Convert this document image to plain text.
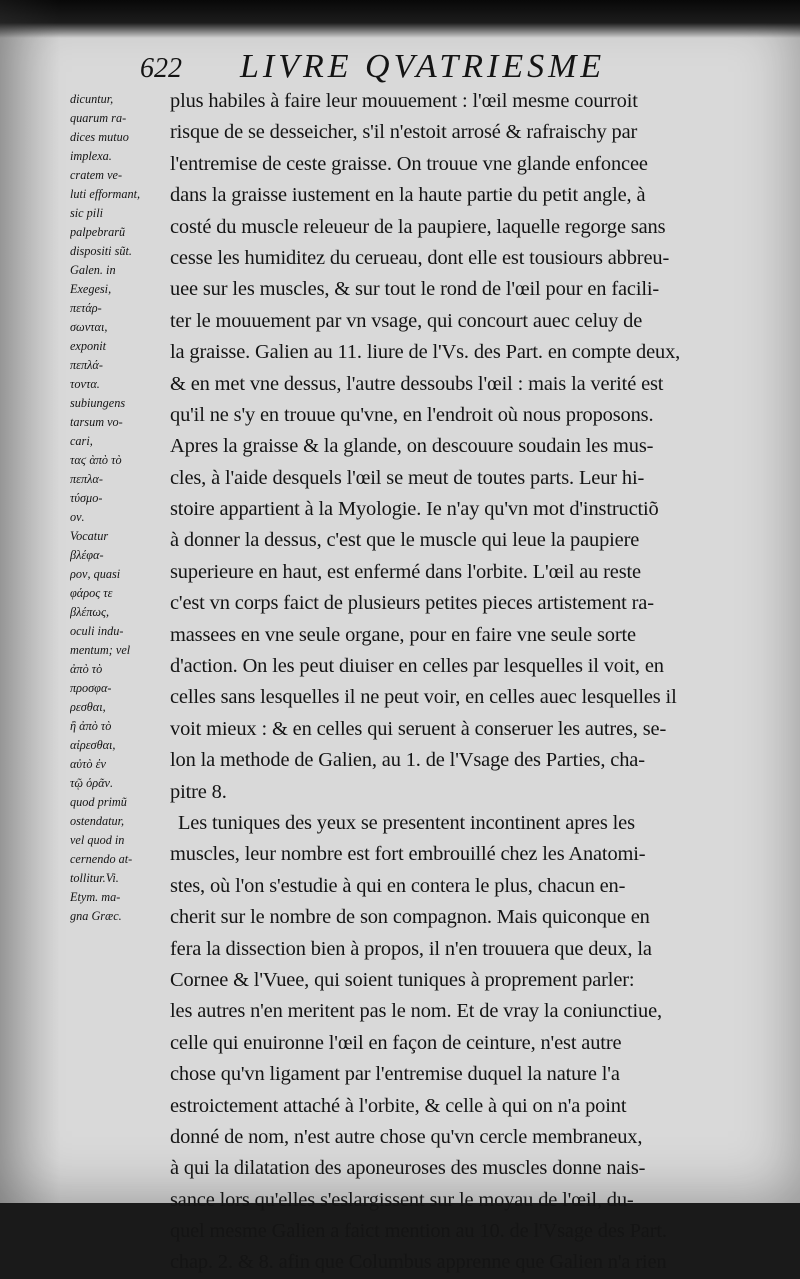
622	LIVRE QVATRIESME
dicuntur,
quarum ra-
dices mutuo
implexa.
cratem ve-
luti efformant,
sic pili
palpebrarũ
dispositi sũt.
Galen. in
Exegesi,
πετάρ-
σωνται,
exponit
πεπλά-
τοντα.
subiungens
tarsum vo-
cari,
ταϛ ὰπὸ τὸ
πεπλα-
τύσμο-
ον.
Vocatur
βλέφα-
ρον, quasi
φάρος τε
βλέπως,
oculi indu-
mentum; vel
ἀπὸ τὸ
προσφα-
ρεσθαι,
ἢ ἀπὸ τὸ
αἰρεσθαι,
αὐτὸ ἐν
τῷ ὁρᾶν.
quod primũ
ostendatur,
vel quod in
cernendo at-
tollitur.Vi.
Etym. ma-
gna Græc.
plus habiles à faire leur mouuement : l'œil mesme courroit
risque de se desseicher, s'il n'estoit arrosé & rafraischy par
l'entremise de ceste graisse. On trouue vne glande enfoncee
dans la graisse iustement en la haute partie du petit angle, à
costé du muscle releueur de la paupiere, laquelle regorge sans
cesse les humiditez du cerueau, dont elle est tousiours abbreu-
uee sur les muscles, & sur tout le rond de l'œil pour en facili-
ter le mouuement par vn vsage, qui concourt auec celuy de
la graisse. Galien au 11. liure de l'Vs. des Part. en compte deux,
& en met vne dessus, l'autre dessoubs l'œil : mais la verité est
qu'il ne s'y en trouue qu'vne, en l'endroit où nous proposons.
Apres la graisse & la glande, on descouure soudain les mus-
cles, à l'aide desquels l'œil se meut de toutes parts. Leur hi-
stoire appartient à la Myologie. Ie n'ay qu'vn mot d'instructiõ
à donner la dessus, c'est que le muscle qui leue la paupiere
superieure en haut, est enfermé dans l'orbite. L'œil au reste
c'est vn corps faict de plusieurs petites pieces artistement ra-
massees en vne seule organe, pour en faire vne seule sorte
d'action. On les peut diuiser en celles par lesquelles il voit, en
celles sans lesquelles il ne peut voir, en celles auec lesquelles il
voit mieux : & en celles qui seruent à conseruer les autres, se-
lon la methode de Galien, au 1. de l'Vsage des Parties, cha-
pitre 8.
Les tuniques des yeux se presentent incontinent apres les
muscles, leur nombre est fort embrouillé chez les Anatomi-
stes, où l'on s'estudie à qui en contera le plus, chacun en-
cherit sur le nombre de son compagnon. Mais quiconque en
fera la dissection bien à propos, il n'en trouuera que deux, la
Cornee & l'Vuee, qui soient tuniques à proprement parler:
les autres n'en meritent pas le nom. Et de vray la coniunctiue,
celle qui enuironne l'œil en façon de ceinture, n'est autre
chose qu'vn ligament par l'entremise duquel la nature l'a
estroictement attaché à l'orbite, & celle à qui on n'a point
donné de nom, n'est autre chose qu'vn cercle membraneux,
à qui la dilatation des aponeuroses des muscles donne nais-
sance lors qu'elles s'eslargissent sur le moyau de l'œil, du-
quel mesme Galien a faict mention au 10. de l'Vsage des Part.
chap. 2. & 8. afin que Columbus apprenne que Galien n'a rien
